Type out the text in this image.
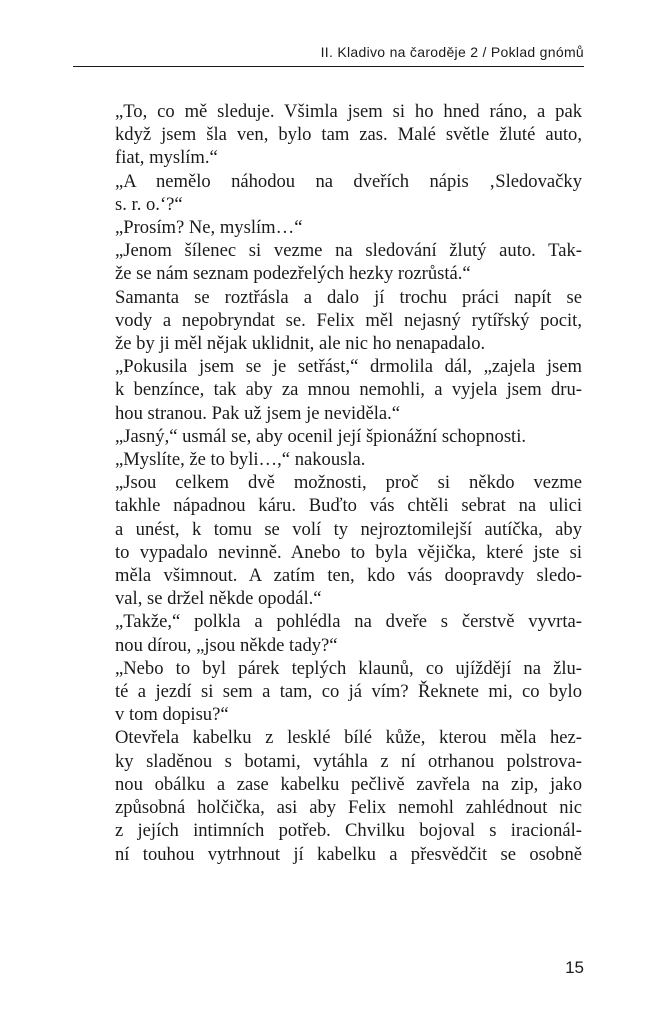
II. Kladivo na čaroděje 2 / Poklad gnómů
„To, co mě sleduje. Všimla jsem si ho hned ráno, a pak
když jsem šla ven, bylo tam zas. Malé světle žluté auto,
fiat, myslím.“
„A nemělo náhodou na dveřích nápis ‚Sledovačky
s. r. o.‘?“
„Prosím? Ne, myslím…“
„Jenom šílenec si vezme na sledování žlutý auto. Tak-
že se nám seznam podezřelých hezky rozrůstá.“
Samanta se roztřásla a dalo jí trochu práci napít se
vody a nepobryndat se. Felix měl nejasný rytířský pocit,
že by ji měl nějak uklidnit, ale nic ho nenapadalo.
„Pokusila jsem se je setřást,“ drmolila dál, „zajela jsem
k benzínce, tak aby za mnou nemohli, a vyjela jsem dru-
hou stranou. Pak už jsem je neviděla.“
„Jasný,“ usmál se, aby ocenil její špionážní schopnosti.
„Myslíte, že to byli…,“ nakousla.
„Jsou celkem dvě možnosti, proč si někdo vezme
takhle nápadnou káru. Buďto vás chtěli sebrat na ulici
a unést, k tomu se volí ty nejroztomilejší autíčka, aby
to vypadalo nevinně. Anebo to byla vějička, které jste si
měla všimnout. A zatím ten, kdo vás doopravdy sledo-
val, se držel někde opodál.“
„Takže,“ polkla a pohlédla na dveře s čerstvě vyvrta-
nou dírou, „jsou někde tady?“
„Nebo to byl párek teplých klaunů, co ujíždějí na žlu-
té a jezdí si sem a tam, co já vím? Řeknete mi, co bylo
v tom dopisu?“
Otevřela kabelku z lesklé bílé kůže, kterou měla hez-
ky sladěnou s botami, vytáhla z ní otrhanou polstrova-
nou obálku a zase kabelku pečlivě zavřela na zip, jako
způsobná holčička, asi aby Felix nemohl zahlédnout nic
z jejích intimních potřeb. Chvilku bojoval s iracionál-
ní touhou vytrhnout jí kabelku a přesvědčit se osobně
15
